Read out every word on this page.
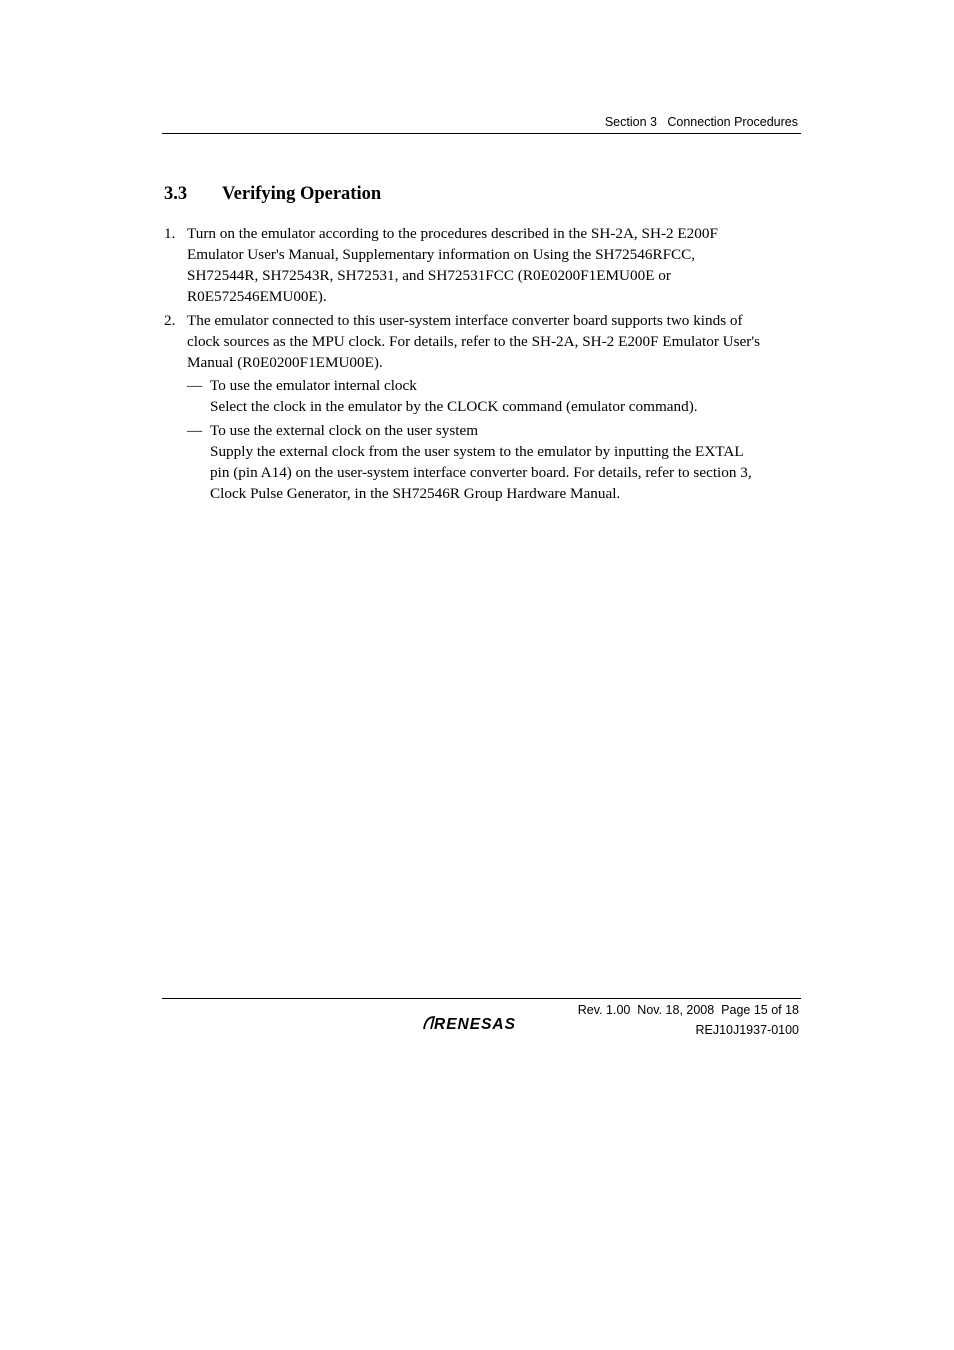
Section 3   Connection Procedures
3.3 Verifying Operation
1. Turn on the emulator according to the procedures described in the SH-2A, SH-2 E200F
Emulator User's Manual, Supplementary information on Using the SH72546RFCC,
SH72544R, SH72543R, SH72531, and SH72531FCC (R0E0200F1EMU00E or
R0E572546EMU00E).
2. The emulator connected to this user-system interface converter board supports two kinds of
clock sources as the MPU clock. For details, refer to the SH-2A, SH-2 E200F Emulator User's
Manual (R0E0200F1EMU00E).
— To use the emulator internal clock
Select the clock in the emulator by the CLOCK command (emulator command).
— To use the external clock on the user system
Supply the external clock from the user system to the emulator by inputting the EXTAL
pin (pin A14) on the user-system interface converter board. For details, refer to section 3,
Clock Pulse Generator, in the SH72546R Group Hardware Manual.
RENESAS
Rev. 1.00  Nov. 18, 2008  Page 15 of 18
REJ10J1937-0100
